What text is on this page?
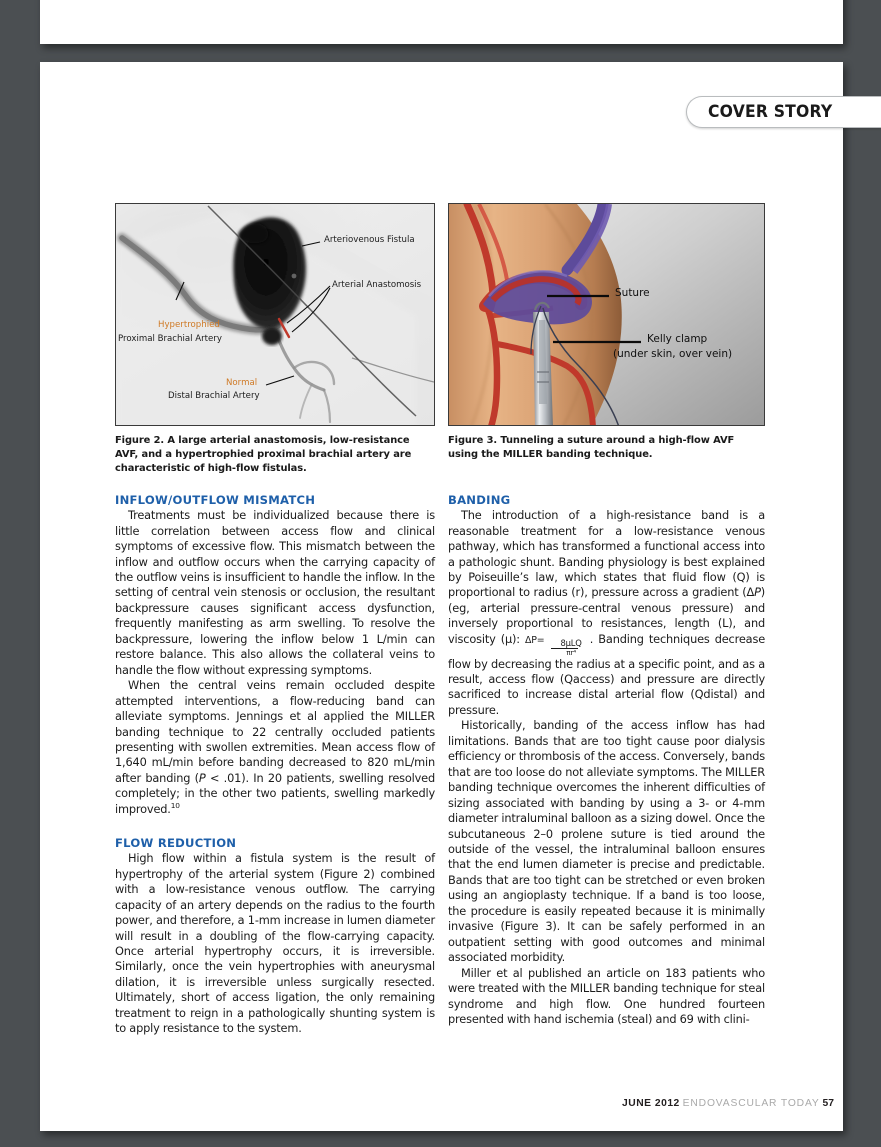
COVER STORY
Arteriovenous Fistula
Arterial Anastomosis
Hypertrophied
Proximal Brachial Artery
Normal
Distal Brachial Artery
Figure 2. A large arterial anastomosis, low-resistance AVF, and a hypertrophied proximal brachial artery are characteristic of high-flow fistulas.
Suture
Kelly clamp
(under skin, over vein)
Figure 3. Tunneling a suture around a high-flow AVF using the MILLER banding technique.
INFLOW/OUTFLOW MISMATCH

Treatments must be individualized because there is little correlation between access flow and clinical symptoms of excessive flow. This mismatch between the inflow and outflow occurs when the carrying capacity of the outflow veins is insufficient to handle the inflow. In the setting of central vein stenosis or occlusion, the resultant backpressure causes significant access dysfunction, frequently manifesting as arm swelling. To resolve the backpressure, lowering the inflow below 1 L/min can restore balance. This also allows the collateral veins to handle the flow without expressing symptoms.

When the central veins remain occluded despite attempted interventions, a flow-reducing band can alleviate symptoms. Jennings et al applied the MILLER banding technique to 22 centrally occluded patients presenting with swollen extremities. Mean access flow of 1,640 mL/min before banding decreased to 820 mL/min after banding (P < .01). In 20 patients, swelling resolved completely; in the other two patients, swelling markedly improved.$^{10}$

FLOW REDUCTION

High flow within a fistula system is the result of hypertrophy of the arterial system (Figure 2) combined with a low-resistance venous outflow. The carrying capacity of an artery depends on the radius to the fourth power, and therefore, a 1-mm increase in lumen diameter will result in a doubling of the flow-carrying capacity. Once arterial hypertrophy occurs, it is irreversible. Similarly, once the vein hypertrophies with aneurysmal dilation, it is irreversible unless surgically resected. Ultimately, short of access ligation, the only remaining treatment to reign in a pathologically shunting system is to apply resistance to the system.

BANDING

The introduction of a high-resistance band is a reasonable treatment for a low-resistance venous pathway, which has transformed a functional access into a pathologic shunt. Banding physiology is best explained by Poiseuille’s law, which states that fluid flow (Q) is proportional to radius (r), pressure across a gradient (ΔP) (eg, arterial pressure-central venous pressure) and inversely proportional to resistances, length (L), and viscosity (μ): $\Delta P= \frac{\text{8μLQ}}{\text{πr⁴}}$
. Banding techniques decrease flow by decreasing the radius at a specific point, and as a result, access flow (Qaccess) and pressure are directly sacrificed to increase distal arterial flow (Qdistal) and pressure.

Historically, banding of the access inflow has had limitations. Bands that are too tight cause poor dialysis efficiency or thrombosis of the access. Conversely, bands that are too loose do not alleviate symptoms. The MILLER banding technique overcomes the inherent difficulties of sizing associated with banding by using a 3- or 4-mm diameter intraluminal balloon as a sizing dowel. Once the subcutaneous 2–0 prolene suture is tied around the outside of the vessel, the intraluminal balloon ensures that the end lumen diameter is precise and predictable. Bands that are too tight can be stretched or even broken using an angioplasty technique. If a band is too loose, the procedure is easily repeated because it is minimally invasive (Figure 3). It can be safely performed in an outpatient setting with good outcomes and minimal associated morbidity.

Miller et al published an article on 183 patients who were treated with the MILLER banding technique for steal syndrome and high flow. One hundred fourteen presented with hand ischemia (steal) and 69 with clini-

JUNE 2012 ENDOVASCULAR TODAY 57
